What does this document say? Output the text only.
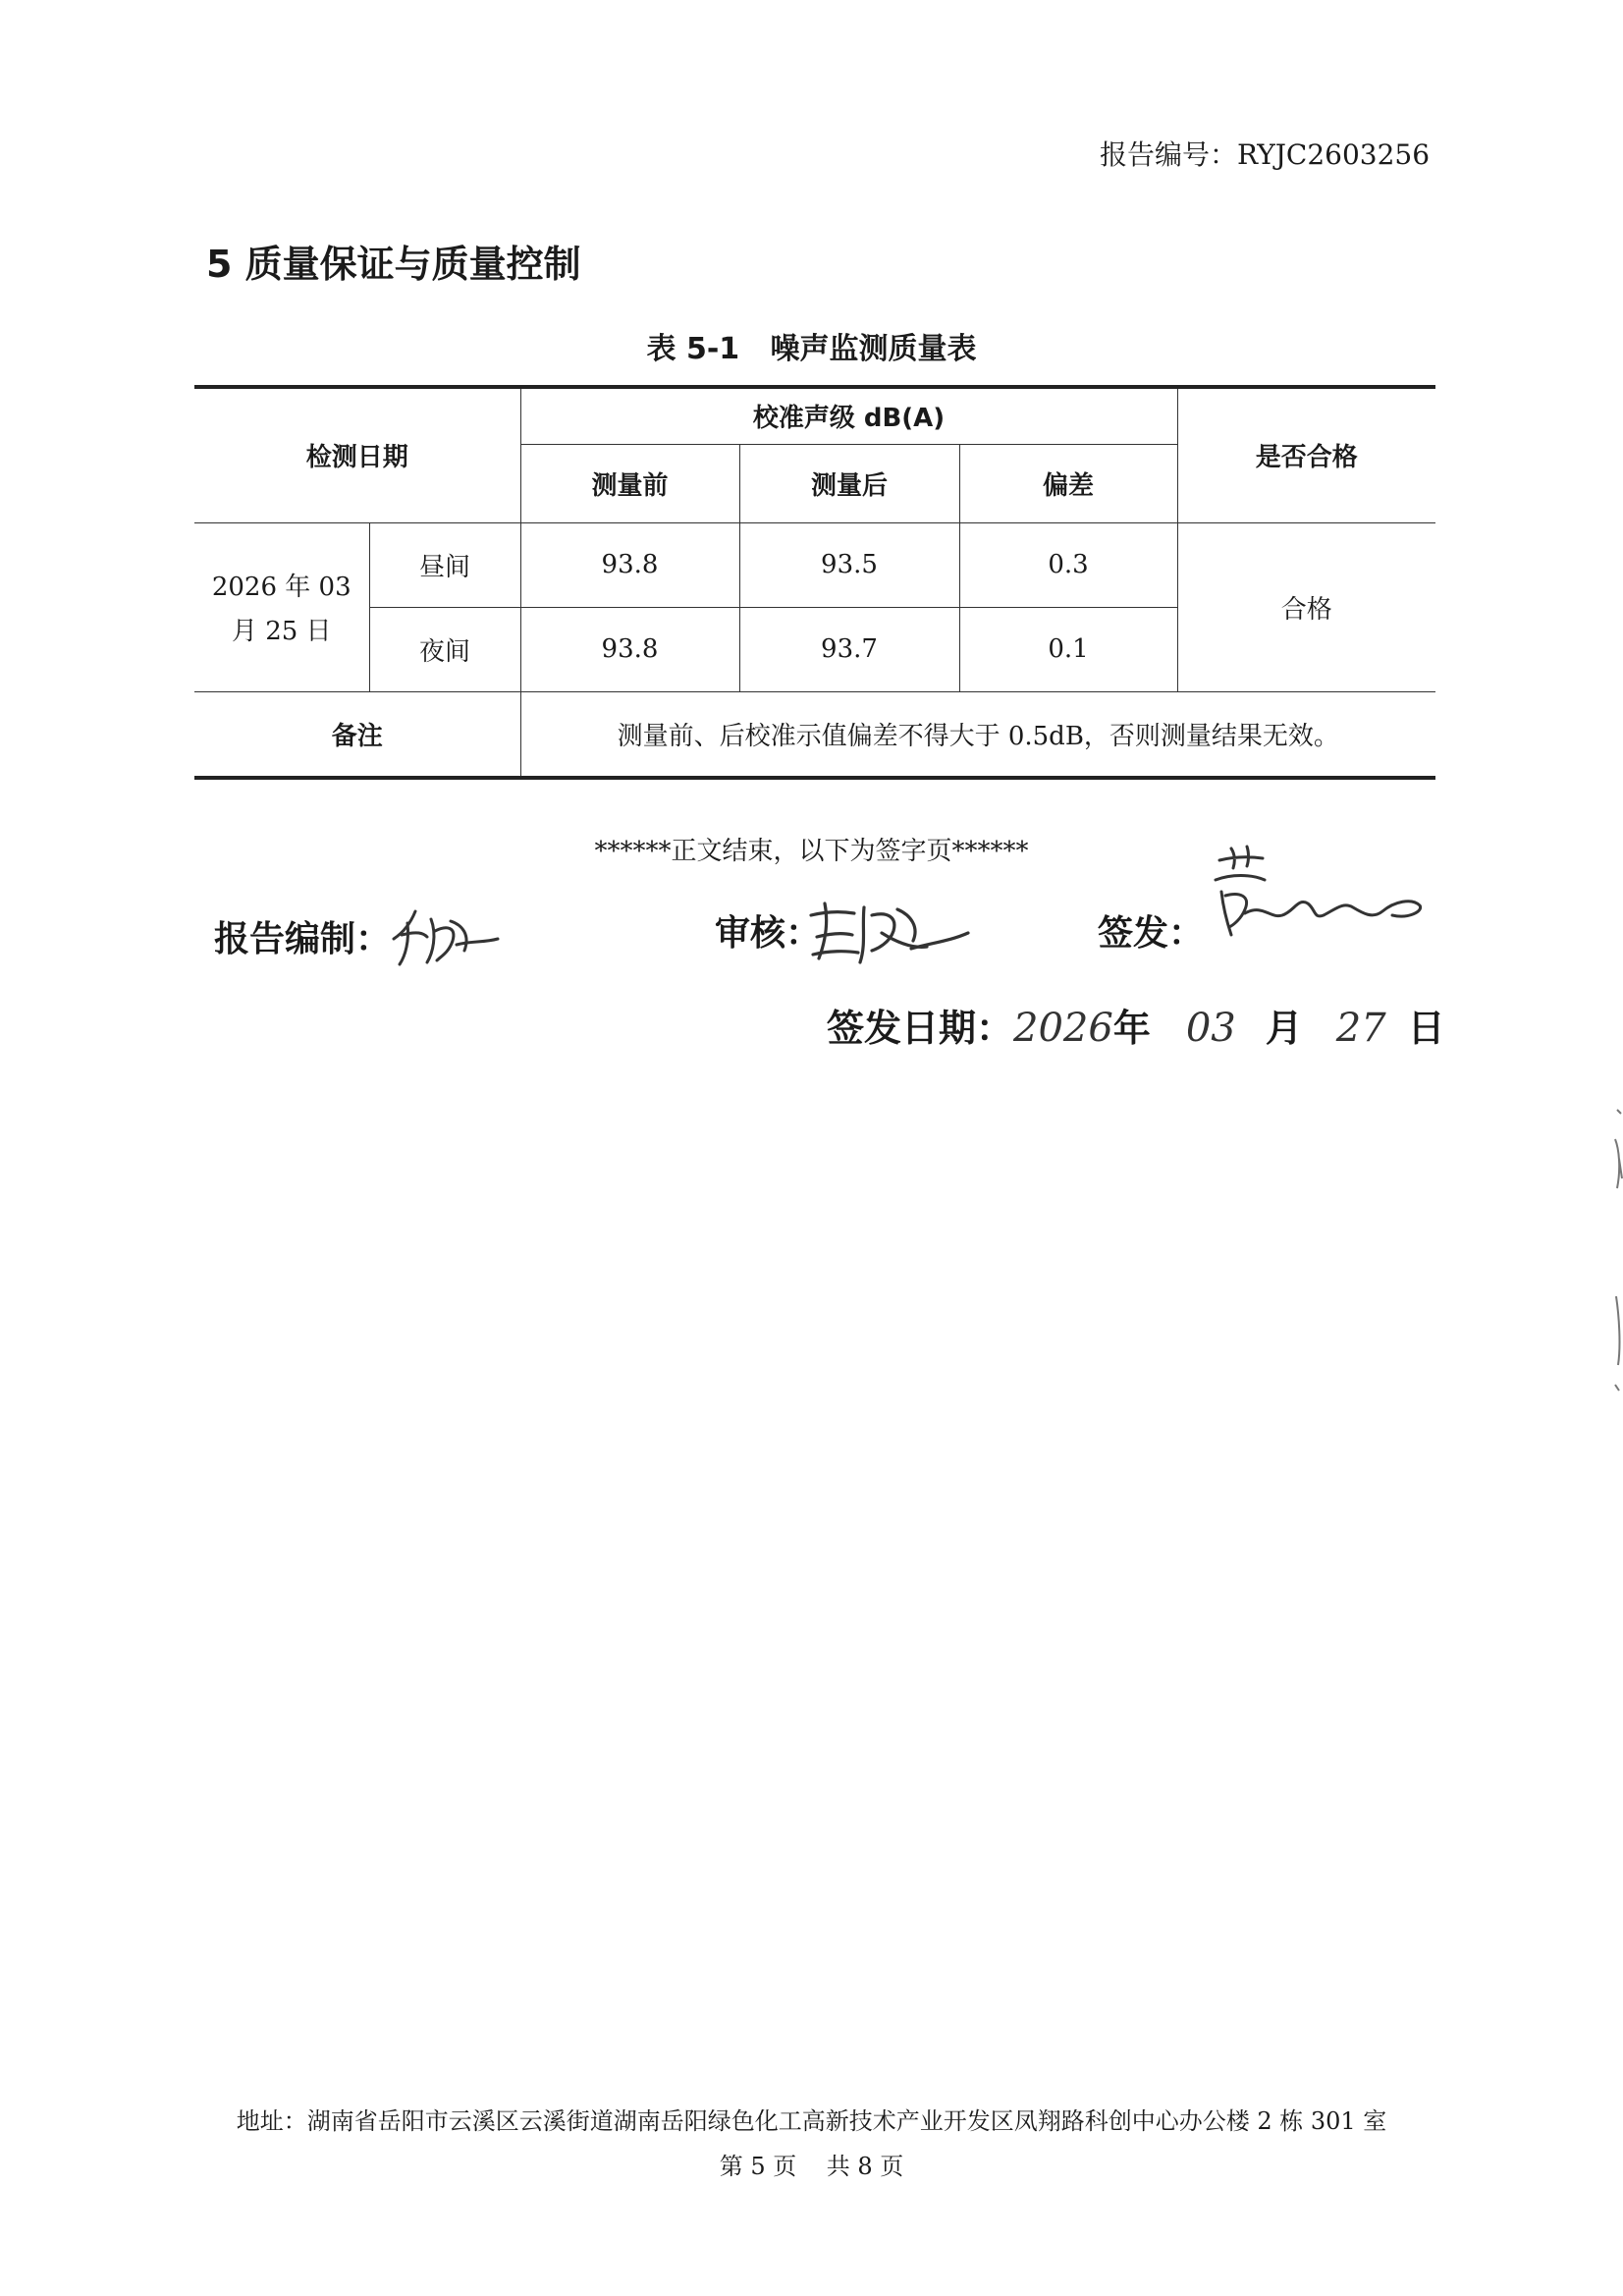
报告编号：RYJC2603256
5 质量保证与质量控制
表 5-1   噪声监测质量表
检测日期		校准声级 dB(A)			是否合格
		测量前	测量后	偏差	

2026 年 03
月 25 日	昼间	93.8	93.5	0.3	合格
	夜间	93.8	93.7	0.1	
备注		测量前、后校准示值偏差不得大于 0.5dB，否则测量结果无效。			
******正文结束，以下为签字页******
报告编制：	审核：	签发：
签发日期：2026年 03 月 27 日
地址：湖南省岳阳市云溪区云溪街道湖南岳阳绿色化工高新技术产业开发区凤翔路科创中心办公楼 2 栋 301 室
第 5 页    共 8 页
